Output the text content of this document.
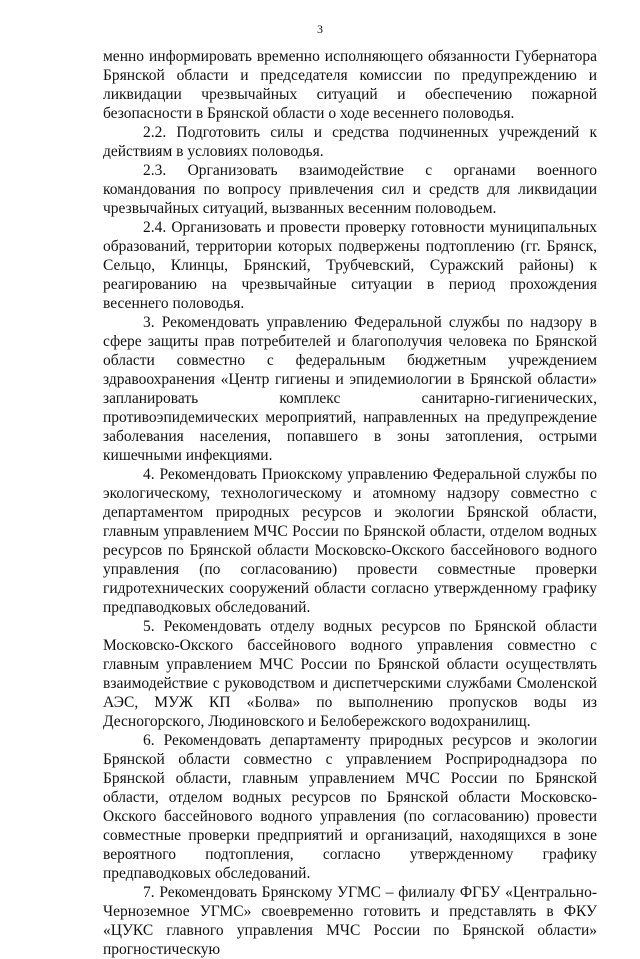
3

менно информировать временно исполняющего обязанности Губернатора Брянской области и председателя комиссии по предупреждению и ликвидации чрезвычайных ситуаций и обеспечению пожарной безопасности в Брянской области о ходе весеннего половодья.

2.2. Подготовить силы и средства подчиненных учреждений к действиям в условиях половодья.

2.3. Организовать взаимодействие с органами военного командования по вопросу привлечения сил и средств для ликвидации чрезвычайных ситуаций, вызванных весенним половодьем.

2.4. Организовать и провести проверку готовности муниципальных образований, территории которых подвержены подтоплению (гг. Брянск, Сельцо, Клинцы, Брянский, Трубчевский, Суражский районы) к реагированию на чрезвычайные ситуации в период прохождения весеннего половодья.

3. Рекомендовать управлению Федеральной службы по надзору в сфере защиты прав потребителей и благополучия человека по Брянской области совместно с федеральным бюджетным учреждением здравоохранения «Центр гигиены и эпидемиологии в Брянской области» запланировать комплекс санитарно-гигиенических, противоэпидемических мероприятий, направленных на предупреждение заболевания населения, попавшего в зоны затопления, острыми кишечными инфекциями.

4. Рекомендовать Приокскому управлению Федеральной службы по экологическому, технологическому и атомному надзору совместно с департаментом природных ресурсов и экологии Брянской области, главным управлением МЧС России по Брянской области, отделом водных ресурсов по Брянской области Московско-Окского бассейнового водного управления (по согласованию) провести совместные проверки гидротехнических сооружений области согласно утвержденному графику предпаводковых обследований.

5. Рекомендовать отделу водных ресурсов по Брянской области Московско-Окского бассейнового водного управления совместно с главным управлением МЧС России по Брянской области осуществлять взаимодействие с руководством и диспетчерскими службами Смоленской АЭС, МУЖ КП «Болва» по выполнению пропусков воды из Десногорского, Людиновского и Белобережского водохранилищ.

6. Рекомендовать департаменту природных ресурсов и экологии Брянской области совместно с управлением Росприроднадзора по Брянской области, главным управлением МЧС России по Брянской области, отделом водных ресурсов по Брянской области Московско-Окского бассейнового водного управления (по согласованию) провести совместные проверки предприятий и организаций, находящихся в зоне вероятного подтопления, согласно утвержденному графику предпаводковых обследований.

7. Рекомендовать Брянскому УГМС – филиалу ФГБУ «Центрально-Черноземное УГМС» своевременно готовить и представлять в ФКУ «ЦУКС главного управления МЧС России по Брянской области» прогностическую
